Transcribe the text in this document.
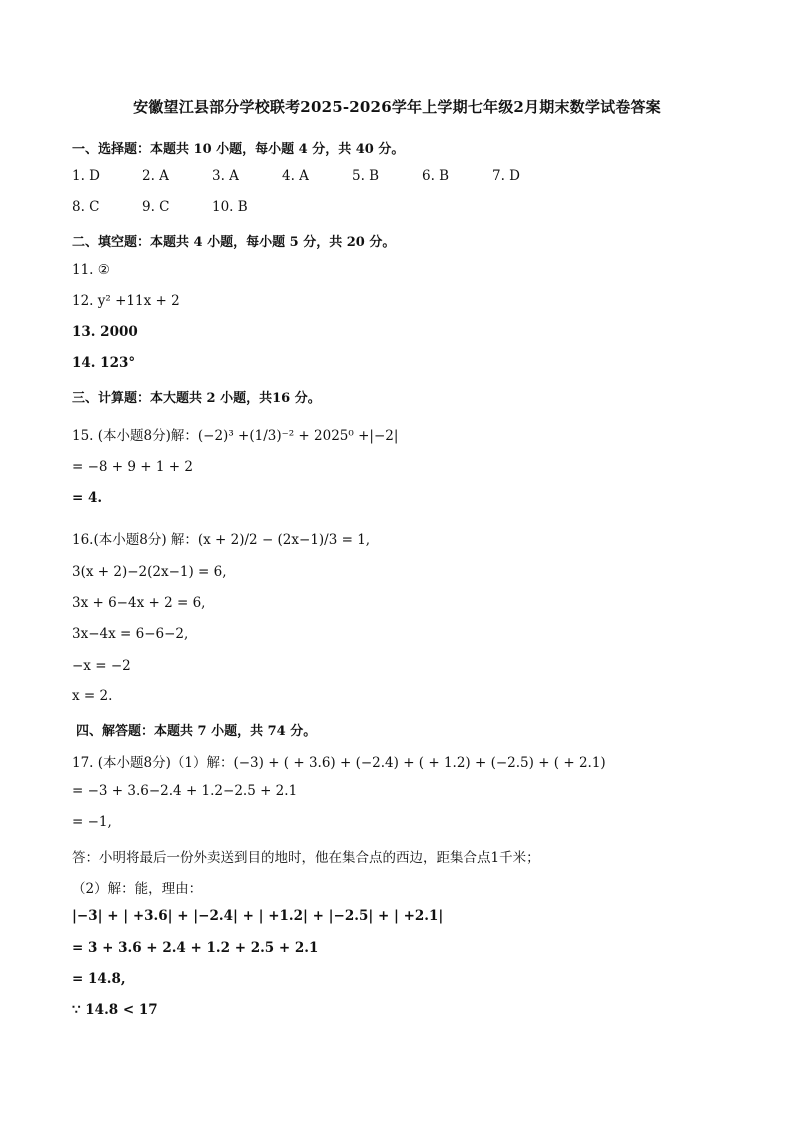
安徽望江县部分学校联考2025-2026学年上学期七年级2月期末数学试卷答案
一、选择题：本题共 10 小题，每小题 4 分，共 40 分。
1. D	2. A	3. A	4. A	5. B	6. B	7. D
8. C	9. C	10. B
二、填空题：本题共 4 小题，每小题 5 分，共 20 分。
11. ②
12. y² +11x + 2
13. 2000
14. 123°
三、计算题：本大题共 2 小题，共16 分。
15. (本小题8分)解：(−2)³ +(1/3)⁻² + 2025⁰ +|−2|
= −8 + 9 + 1 + 2
= 4.
16.(本小题8分) 解：(x + 2)/2 − (2x−1)/3 = 1,
3(x + 2)−2(2x−1) = 6,
3x + 6−4x + 2 = 6,
3x−4x = 6−6−2,
−x = −2
x = 2.
四、解答题：本题共 7 小题，共 74 分。
17. (本小题8分)（1）解：(−3) + ( + 3.6) + (−2.4) + ( + 1.2) + (−2.5) + ( + 2.1)
= −3 + 3.6−2.4 + 1.2−2.5 + 2.1
= −1,
答：小明将最后一份外卖送到目的地时，他在集合点的西边，距集合点1千米；
（2）解：能，理由：
|−3| + | +3.6| + |−2.4| + | +1.2| + |−2.5| + | +2.1|
= 3 + 3.6 + 2.4 + 1.2 + 2.5 + 2.1
= 14.8,
∵ 14.8 < 17
